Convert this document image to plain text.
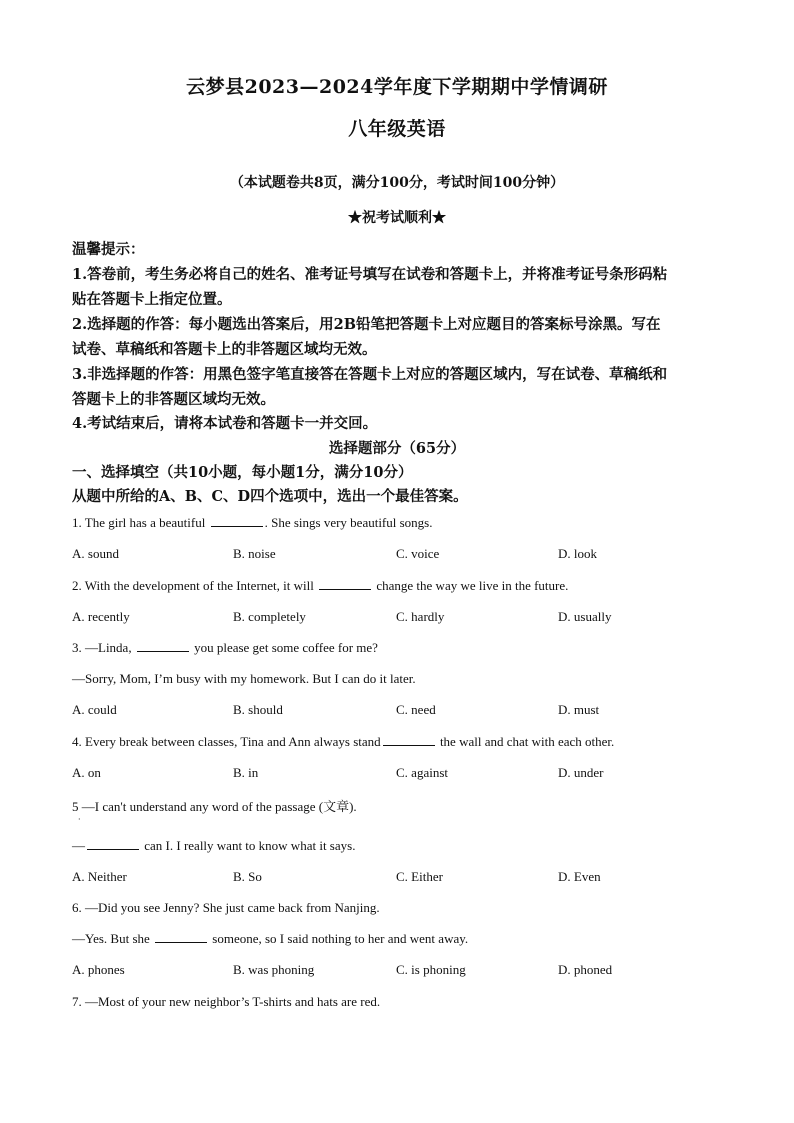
云梦县2023—2024学年度下学期期中学情调研
八年级英语
（本试题卷共8页，满分100分，考试时间100分钟）
★祝考试顺利★
温馨提示：
1.答卷前，考生务必将自己的姓名、准考证号填写在试卷和答题卡上，并将准考证号条形码粘
贴在答题卡上指定位置。
2.选择题的作答：每小题选出答案后，用2B铅笔把答题卡上对应题目的答案标号涂黑。写在
试卷、草稿纸和答题卡上的非答题区域均无效。
3.非选择题的作答：用黑色签字笔直接答在答题卡上对应的答题区域内，写在试卷、草稿纸和
答题卡上的非答题区域均无效。
4.考试结束后，请将本试卷和答题卡一并交回。
选择题部分（65分）
一、选择填空（共10小题，每小题1分，满分10分）
从题中所给的A、B、C、D四个选项中，选出一个最佳答案。
1. The girl has a beautiful	. She sings very beautiful songs.
A. sound	B. noise	C. voice	D. look
2. With the development of the Internet, it will	change the way we live in the future.
A. recently	B. completely	C. hardly	D. usually
3. —Linda,	you please get some coffee for me?
—Sorry, Mom, I’m busy with my homework. But I can do it later.
A. could	B. should	C. need	D. must
4. Every break between classes, Tina and Ann always stand	the wall and chat with each other.
A. on	B. in	C. against	D. under
5 —I can't understand any word of the passage (文章).
·
—	can I. I really want to know what it says.
A. Neither	B. So	C. Either	D. Even
6. —Did you see Jenny? She just came back from Nanjing.
—Yes. But she	someone, so I said nothing to her and went away.
A. phones	B. was phoning	C. is phoning	D. phoned
7. —Most of your new neighbor’s T-shirts and hats are red.
